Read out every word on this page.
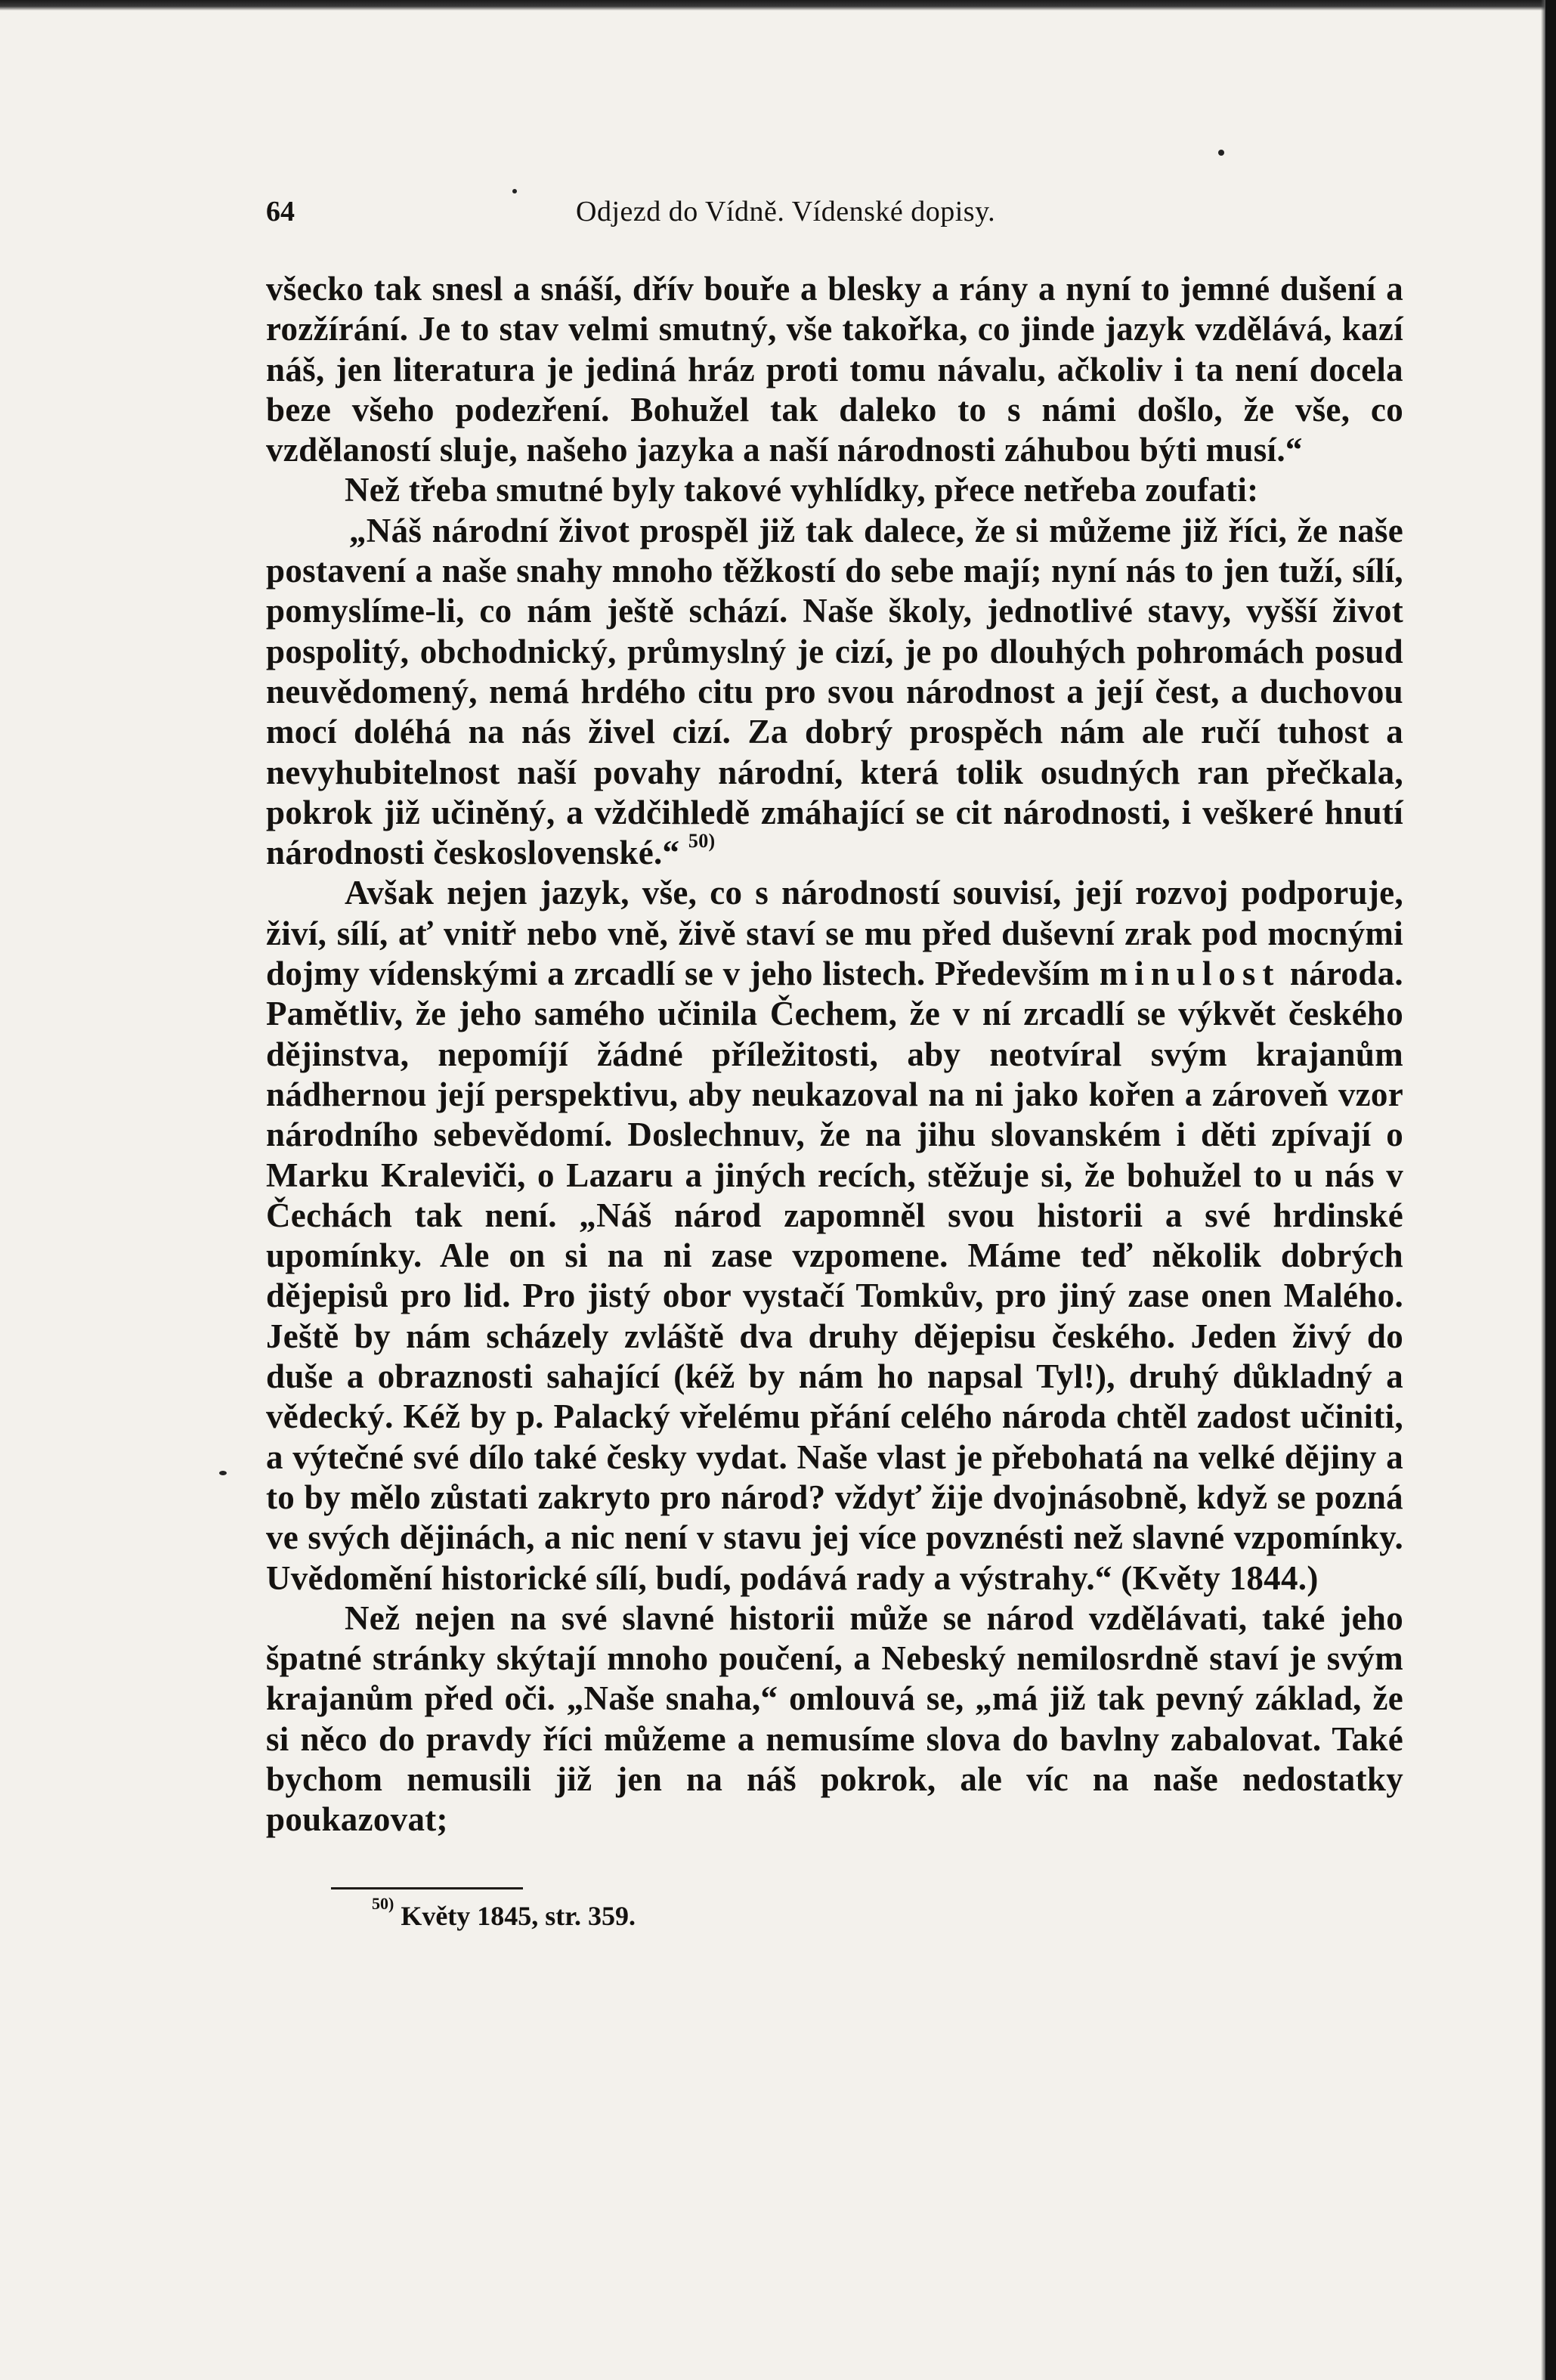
64	Odjezd do Vídně. Vídenské dopisy.

všecko tak snesl a snáší, dřív bouře a blesky a rány a nyní to jemné dušení a rozžírání. Je to stav velmi smutný, vše takořka, co jinde jazyk vzdělává, kazí náš, jen literatura je jediná hráz proti tomu návalu, ačkoliv i ta není docela beze všeho podezření. Bohužel tak daleko to s námi došlo, že vše, co vzdělaností sluje, našeho jazyka a naší národnosti záhubou býti musí.“

Než třeba smutné byly takové vyhlídky, přece netřeba zoufati:

„Náš národní život prospěl již tak dalece, že si můžeme již říci, že naše postavení a naše snahy mnoho těžkostí do sebe mají; nyní nás to jen tuží, sílí, pomyslíme-li, co nám ještě schází. Naše školy, jednotlivé stavy, vyšší život pospolitý, obchodnický, průmyslný je cizí, je po dlouhých pohromách posud neuvědomený, nemá hrdého citu pro svou národnost a její čest, a duchovou mocí doléhá na nás živel cizí. Za dobrý prospěch nám ale ručí tuhost a nevyhubitelnost naší povahy národní, která tolik osudných ran přečkala, pokrok již učiněný, a vždčihledě zmáhající se cit národnosti, i veškeré hnutí národnosti československé.“ $^{50)}$

Avšak nejen jazyk, vše, co s národností souvisí, její rozvoj podporuje, živí, sílí, ať vnitř nebo vně, živě staví se mu před duševní zrak pod mocnými dojmy vídenskými a zrcadlí se v jeho listech. Především minulost národa. Pamětliv, že jeho samého učinila Čechem, že v ní zrcadlí se výkvět českého dějinstva, nepomíjí žádné příležitosti, aby neotvíral svým krajanům nádhernou její perspektivu, aby neukazoval na ni jako kořen a zároveň vzor národního sebevědomí. Doslechnuv, že na jihu slovanském i děti zpívají o Marku Kraleviči, o Lazaru a jiných recích, stěžuje si, že bohužel to u nás v Čechách tak není. „Náš národ zapomněl svou historii a své hrdinské upomínky. Ale on si na ni zase vzpomene. Máme teď několik dobrých dějepisů pro lid. Pro jistý obor vystačí Tomkův, pro jiný zase onen Malého. Ještě by nám scházely zvláště dva druhy dějepisu českého. Jeden živý do duše a obraznosti sahající (kéž by nám ho napsal Tyl!), druhý důkladný a vědecký. Kéž by p. Palacký vřelému přání celého národa chtěl zadost učiniti, a výtečné své dílo také česky vydat. Naše vlast je přebohatá na velké dějiny a to by mělo zůstati zakryto pro národ? vždyť žije dvojnásobně, když se pozná ve svých dějinách, a nic není v stavu jej více povznésti než slavné vzpomínky. Uvědomění historické sílí, budí, podává rady a výstrahy.“ (Květy 1844.)

Než nejen na své slavné historii může se národ vzdělávati, také jeho špatné stránky skýtají mnoho poučení, a Nebeský nemilosrdně staví je svým krajanům před oči. „Naše snaha,“ omlouvá se, „má již tak pevný základ, že si něco do pravdy říci můžeme a nemusíme slova do bavlny zabalovat. Také bychom nemusili již jen na náš pokrok, ale víc na naše nedostatky poukazovat;

$^{50)}$ Květy 1845, str. 359.
